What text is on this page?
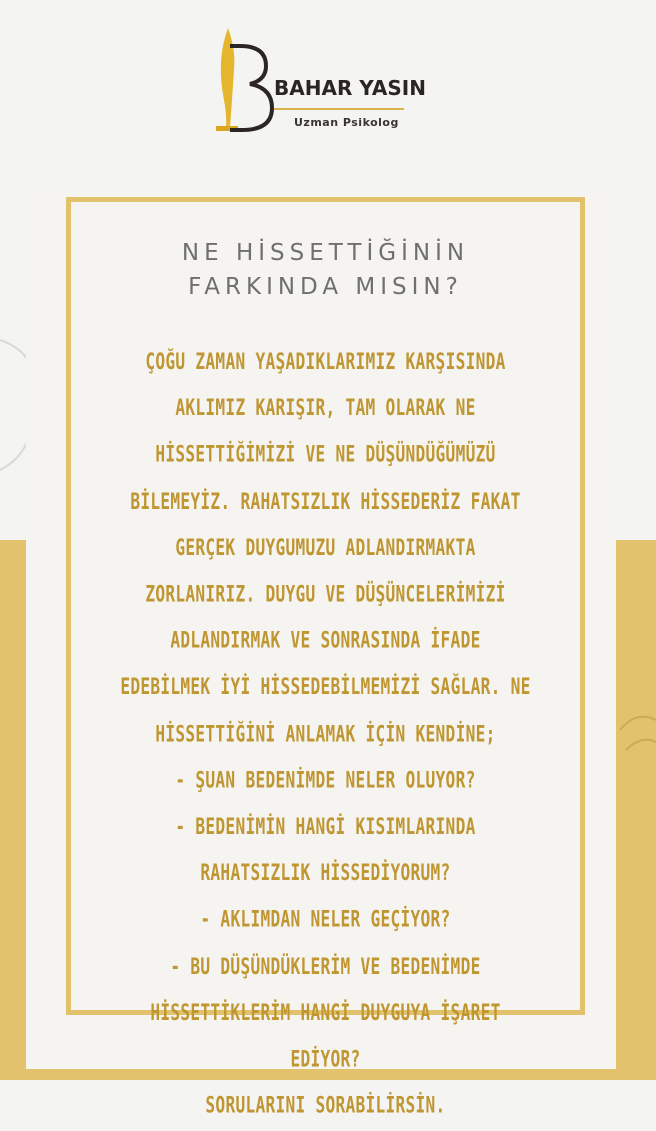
BAHAR YASIN
Uzman Psikolog
NE HİSSETTİĞİNİN
FARKINDA MISIN?
ÇOĞU ZAMAN YAŞADIKLARIMIZ KARŞISINDA
AKLIMIZ KARIŞIR, TAM OLARAK NE
HİSSETTİĞİMİZİ VE NE DÜŞÜNDÜĞÜMÜZÜ
BİLEMEYİZ. RAHATSIZLIK HİSSEDERİZ FAKAT
GERÇEK DUYGUMUZU ADLANDIRMAKTA
ZORLANIRIZ. DUYGU VE DÜŞÜNCELERİMİZİ
ADLANDIRMAK VE SONRASINDA İFADE
EDEBİLMEK İYİ HİSSEDEBİLMEMİZİ SAĞLAR. NE
HİSSETTİĞİNİ ANLAMAK İÇİN KENDİNE;
- ŞUAN BEDENİMDE NELER OLUYOR?
- BEDENİMİN HANGİ KISIMLARINDA
RAHATSIZLIK HİSSEDİYORUM?
- AKLIMDAN NELER GEÇİYOR?
- BU DÜŞÜNDÜKLERİM VE BEDENİMDE
HİSSETTİKLERİM HANGİ DUYGUYA İŞARET
EDİYOR?
SORULARINI SORABİLİRSİN.
